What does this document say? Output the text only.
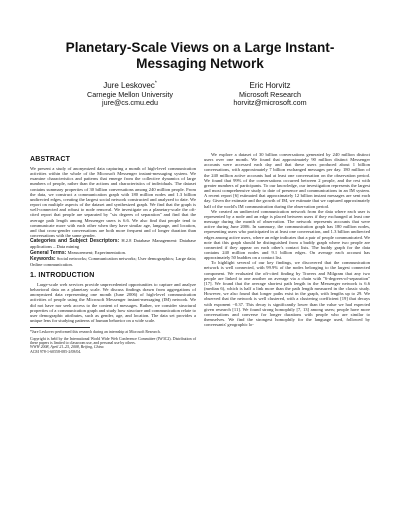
Planetary-Scale Views on a Large Instant-Messaging Network
Jure Leskovec*
Carnegie Mellon University
jure@cs.cmu.edu
Eric Horvitz
Microsoft Research
horvitz@microsoft.com
ABSTRACT

We present a study of anonymized data capturing a month of high-level communication activities within the whole of the Microsoft Messenger instant-messaging system. We examine characteristics and patterns that emerge from the collective dynamics of large numbers of people, rather than the actions and characteristics of individuals. The dataset contains summary properties of 30 billion conversations among 240 million people. From the data, we construct a communication graph with 180 million nodes and 1.3 billion undirected edges, creating the largest social network constructed and analyzed to date. We report on multiple aspects of the dataset and synthesized graph. We find that the graph is well-connected and robust to node removal. We investigate on a planetary-scale the oft-cited report that people are separated by "six degrees of separation" and find that the average path length among Messenger users is 6.6. We also find that people tend to communicate more with each other when they have similar age, language, and location, and that cross-gender conversations are both more frequent and of longer duration than conversations with the same gender.

Categories and Subject Descriptors: H.2.8 Database Management: Database applications – Data mining

General Terms: Measurement; Experimentation.

Keywords: Social networks; Communication networks; User demographics; Large data; Online communication.

1. INTRODUCTION

Large-scale web services provide unprecedented opportunities to capture and analyze behavioral data on a planetary scale. We discuss findings drawn from aggregations of anonymized data representing one month (June 2006) of high-level communication activities of people using the Microsoft Messenger instant-messaging (IM) network. We did not have nor seek access to the content of messages. Rather, we consider structural properties of a communication graph and study how structure and communication relate to user demographic attributes, such as gender, age, and location. The data set provides a unique lens for studying patterns of human behavior on a wide scale.

*Jure Leskovec performed this research during an internship at Microsoft Research.

Copyright is held by the International World Wide Web Conference Committee (IW3C2). Distribution of these papers is limited to classroom use, and personal use by others.

WWW 2008, April 21–25, 2008, Beijing, China.

ACM 978-1-60558-085-2/08/04.

We explore a dataset of 30 billion conversations generated by 240 million distinct users over one month. We found that approximately 90 million distinct Messenger accounts were accessed each day and that these users produced about 1 billion conversations, with approximately 7 billion exchanged messages per day. 180 million of the 240 million active accounts had at least one conversation on the observation period. We found that 99% of the conversations occurred between 2 people, and the rest with greater numbers of participants. To our knowledge, our investigation represents the largest and most comprehensive study to date of presence and communications in an IM system. A recent report [6] estimated that approximately 12 billion instant messages are sent each day. Given the estimate and the growth of IM, we estimate that we captured approximately half of the world's IM communication during the observation period.

We created an undirected communication network from the data where each user is represented by a node and an edge is placed between users if they exchanged at least one message during the month of observation. The network represents accounts that were active during June 2006. In summary, the communication graph has 180 million nodes, representing users who participated in at least one conversation, and 1.3 billion undirected edges among active users, where an edge indicates that a pair of people communicated. We note that this graph should be distinguished from a buddy graph where two people are connected if they appear on each other's contact lists. The buddy graph for the data contains 240 million nodes and 9.1 billion edges. On average each account has approximately 50 buddies on a contact list.

To highlight several of our key findings, we discovered that the communication network is well connected, with 99.9% of the nodes belonging to the largest connected component. We evaluated the oft-cited finding by Travers and Milgram that any two people are linked to one another on average via a chain with "6-degrees-of-separation" [17]. We found that the average shortest path length in the Messenger network is 6.6 (median 6), which is half a link more than the path length measured in the classic study. However, we also found that longer paths exist in the graph, with lengths up to 29. We observed that the network is well clustered, with a clustering coefficient [19] that decays with exponent −0.37. This decay is significantly lower than the value we had expected given research [11]. We found strong homophily [7, 13] among users; people have more conversations and converse for longer durations with people who are similar to themselves. We find the strongest homophily for the language used, followed by conversants' geographic lo-
